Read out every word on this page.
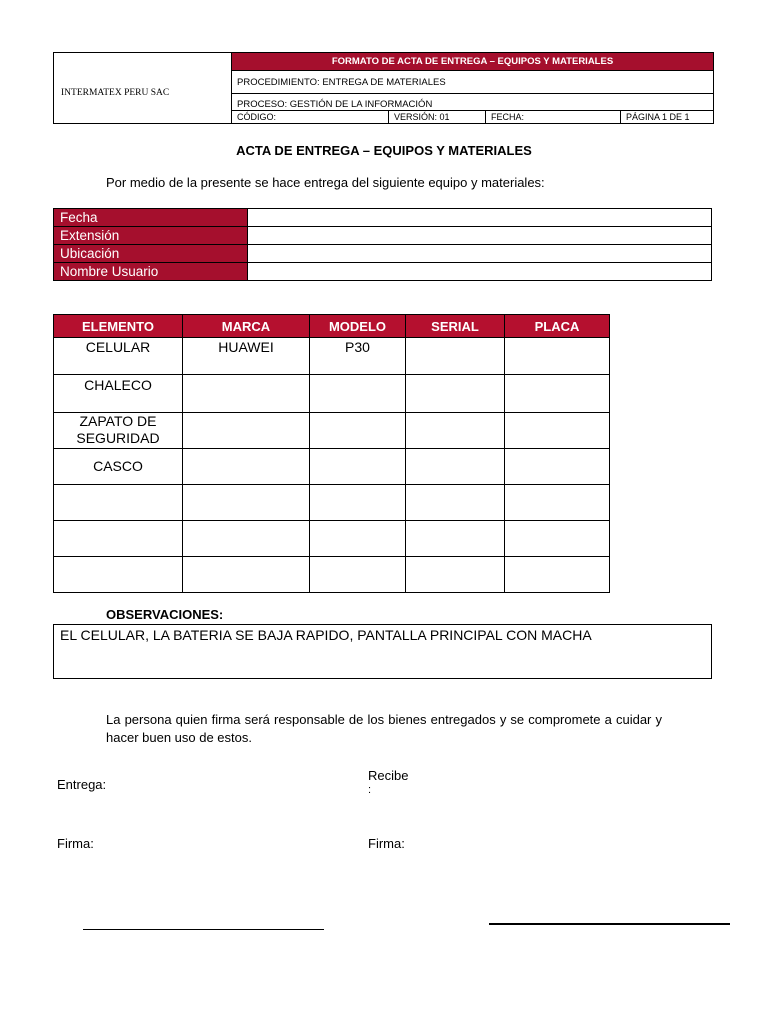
INTERMATEX PERU SAC
FORMATO DE ACTA DE ENTREGA – EQUIPOS Y MATERIALES
PROCEDIMIENTO: ENTREGA DE MATERIALES
PROCESO: GESTIÓN DE LA INFORMACIÓN
CÓDIGO:	VERSIÓN: 01	FECHA:	PÁGINA 1 DE 1
ACTA DE ENTREGA – EQUIPOS Y MATERIALES
Por medio de la presente se hace entrega del siguiente equipo y materiales:
Fecha	
Extensión	
Ubicación	
Nombre Usuario	
ELEMENTO	MARCA	MODELO	SERIAL	PLACA
CELULAR	HUAWEI	P30		
CHALECO				
ZAPATO DE SEGURIDAD				
CASCO				

OBSERVACIONES:
EL CELULAR, LA BATERIA SE BAJA RAPIDO, PANTALLA PRINCIPAL CON MACHA
La persona quien firma será responsable de los bienes entregados y se compromete a cuidar y hacer buen uso de estos.
Entrega:
Recibe
:
Firma:	Firma:
